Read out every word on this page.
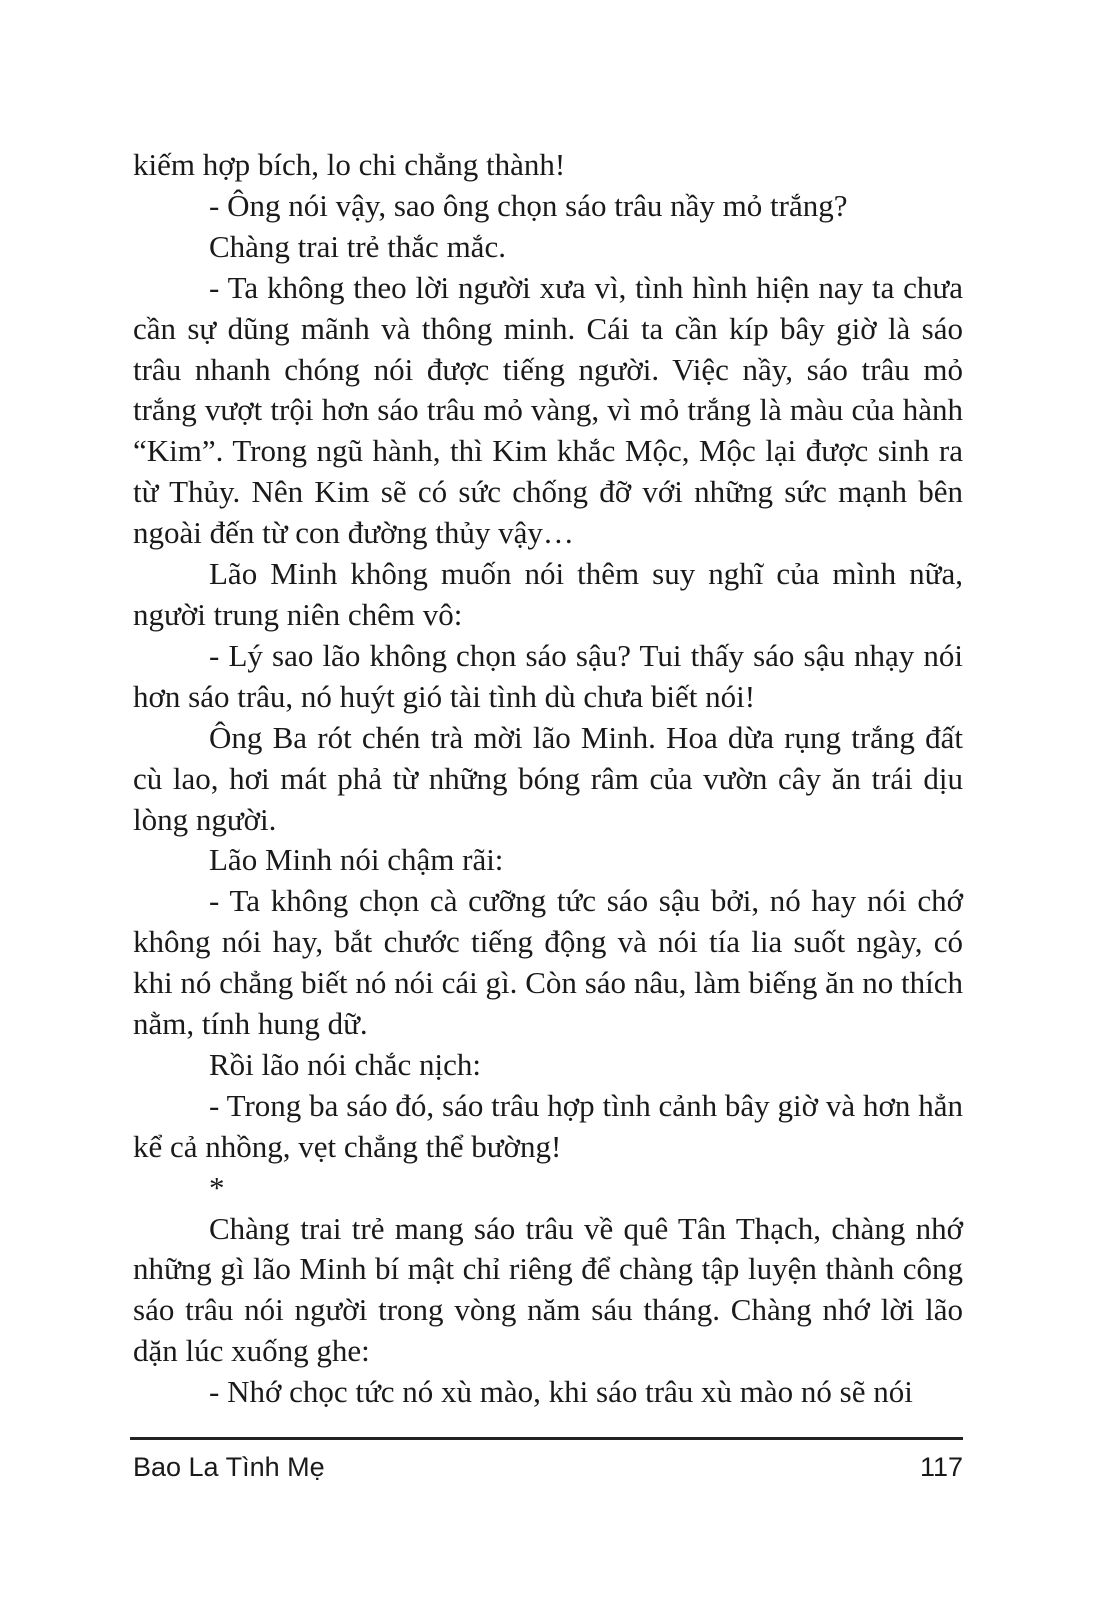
kiếm hợp bích, lo chi chẳng thành!

- Ông nói vậy, sao ông chọn sáo trâu nầy mỏ trắng?

Chàng trai trẻ thắc mắc.

- Ta không theo lời người xưa vì, tình hình hiện nay ta chưa cần sự dũng mãnh và thông minh. Cái ta cần kíp bây giờ là sáo trâu nhanh chóng nói được tiếng người. Việc nầy, sáo trâu mỏ trắng vượt trội hơn sáo trâu mỏ vàng, vì mỏ trắng là màu của hành “Kim”. Trong ngũ hành, thì Kim khắc Mộc, Mộc lại được sinh ra từ Thủy. Nên Kim sẽ có sức chống đỡ với những sức mạnh bên ngoài đến từ con đường thủy vậy…

Lão Minh không muốn nói thêm suy nghĩ của mình nữa, người trung niên chêm vô:

- Lý sao lão không chọn sáo sậu? Tui thấy sáo sậu nhạy nói hơn sáo trâu, nó huýt gió tài tình dù chưa biết nói!

Ông Ba rót chén trà mời lão Minh. Hoa dừa rụng trắng đất cù lao, hơi mát phả từ những bóng râm của vườn cây ăn trái dịu lòng người.

Lão Minh nói chậm rãi:

- Ta không chọn cà cưỡng tức sáo sậu bởi, nó hay nói chớ không nói hay, bắt chước tiếng động và nói tía lia suốt ngày, có khi nó chẳng biết nó nói cái gì. Còn sáo nâu, làm biếng ăn no thích nằm, tính hung dữ.

Rồi lão nói chắc nịch:

- Trong ba sáo đó, sáo trâu hợp tình cảnh bây giờ và hơn hẳn kể cả nhồng, vẹt chẳng thể bường!

*

Chàng trai trẻ mang sáo trâu về quê Tân Thạch, chàng nhớ những gì lão Minh bí mật chỉ riêng để chàng tập luyện thành công sáo trâu nói người trong vòng năm sáu tháng. Chàng nhớ lời lão dặn lúc xuống ghe:

- Nhớ chọc tức nó xù mào, khi sáo trâu xù mào nó sẽ nói

Bao La Tình Mẹ	117
